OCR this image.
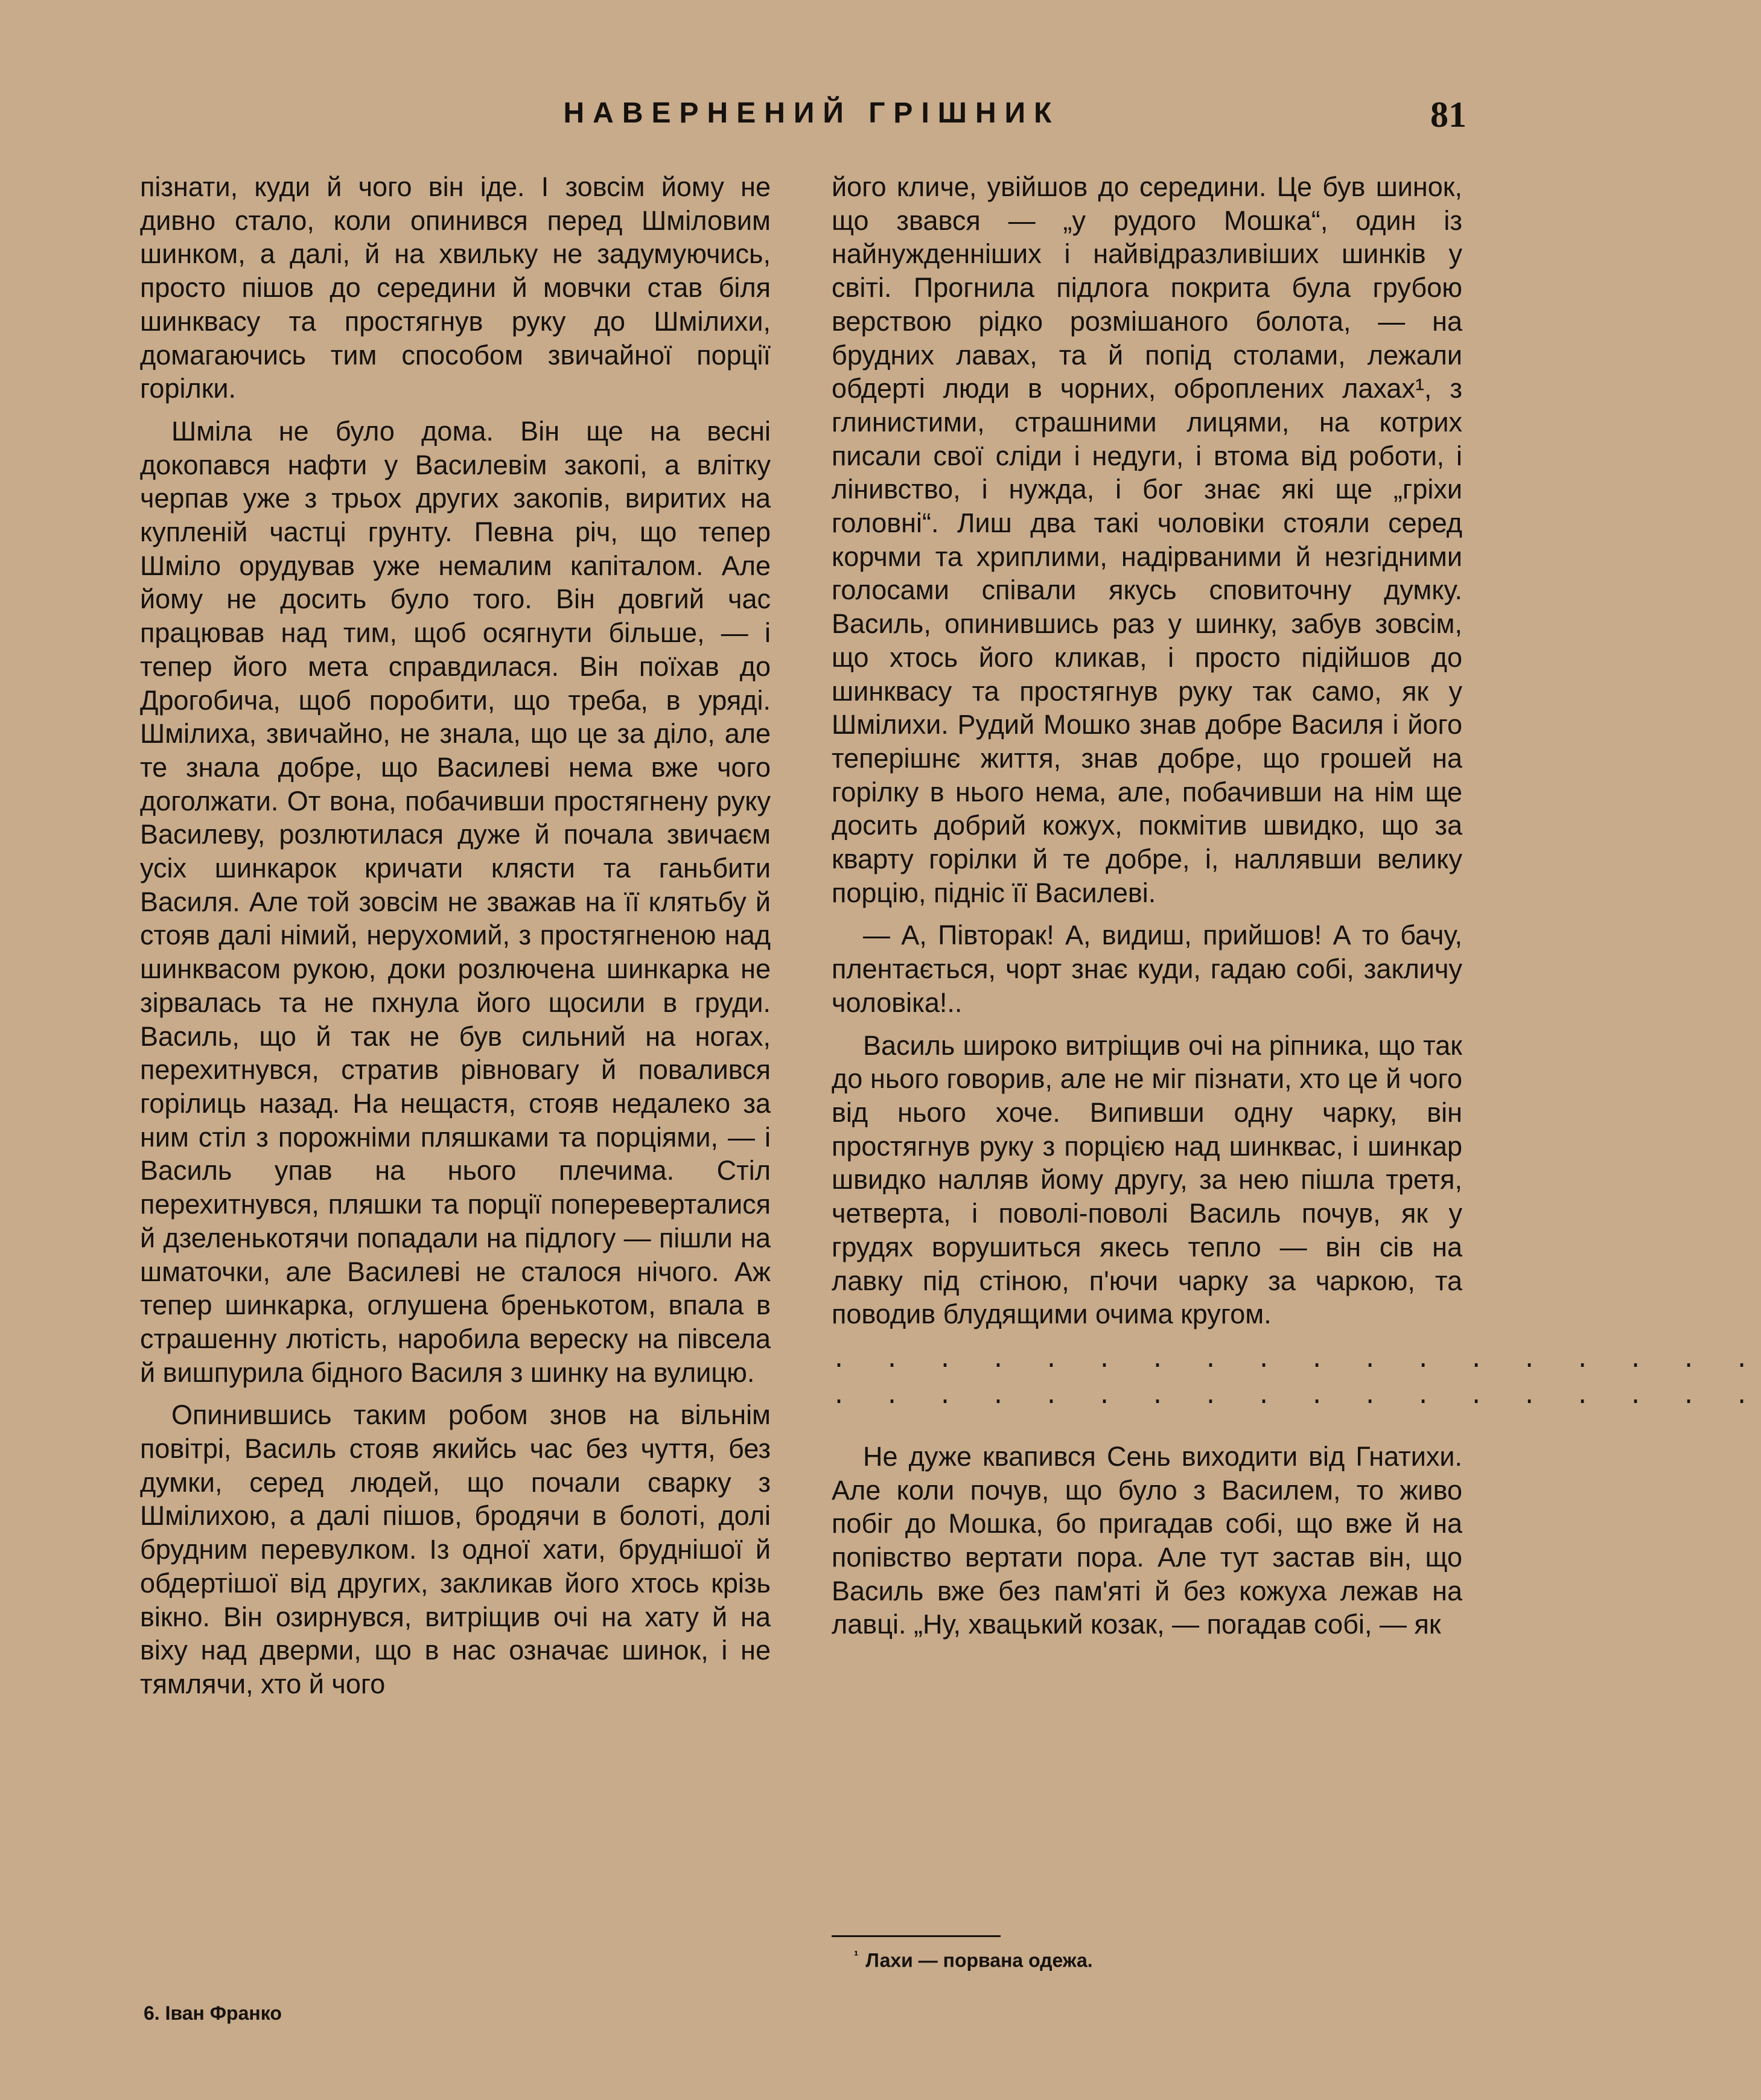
НАВЕРНЕНИЙ ГРІШНИК	81

пізнати, куди й чого він іде. І зовсім йому не дивно стало, коли опинився перед Шміловим шинком, а далі, й на хвильку не задумуючись, просто пішов до середини й мовчки став біля шинквасу та простягнув руку до Шмілихи, домагаючись тим способом звичайної порції горілки.

Шміла не було дома. Він ще на весні докопався нафти у Василевім закопі, а влітку черпав уже з трьох других закопів, виритих на купленій частці грунту. Певна річ, що тепер Шміло орудував уже немалим капіталом. Але йому не досить було того. Він довгий час працював над тим, щоб осягнути більше, — і тепер його мета справдилася. Він поїхав до Дрогобича, щоб поробити, що треба, в уряді. Шмілиха, звичайно, не знала, що це за діло, але те знала добре, що Василеві нема вже чого доголжати. От вона, побачивши простягнену руку Василеву, розлютилася дуже й почала звичаєм усіх шинкарок кричати клясти та ганьбити Василя. Але той зовсім не зважав на її клятьбу й стояв далі німий, нерухомий, з простягненою над шинквасом рукою, доки розлючена шинкарка не зірвалась та не пхнула його щосили в груди. Василь, що й так не був сильний на ногах, перехитнувся, стратив рівновагу й повалився горілиць назад. На нещастя, стояв недалеко за ним стіл з порожніми пляшками та порціями, — і Василь упав на нього плечима. Стіл перехитнувся, пляшки та порції попереверталися й дзеленькотячи попадали на підлогу — пішли на шматочки, але Василеві не сталося нічого. Аж тепер шинкарка, оглушена бренькотом, впала в страшенну лютість, наробила вереску на півсела й вишпурила бідного Василя з шинку на вулицю.

Опинившись таким робом знов на вільнім повітрі, Василь стояв якийсь час без чуття, без думки, серед людей, що почали сварку з Шмілихою, а далі пішов, бродячи в болоті, долі брудним перевулком. Із одної хати, бруднішої й обдертішої від других, закликав його хтось крізь вікно. Він озирнувся, витріщив очі на хату й на віху над дверми, що в нас означає шинок, і не тямлячи, хто й чого

його кличе, увійшов до середини. Це був шинок, що звався — „у рудого Мошка“, один із найнужденніших і найвідразливіших шинків у світі. Прогнила підлога покрита була грубою верствою рідко розмішаного болота, — на брудних лавах, та й попід столами, лежали обдерті люди в чорних, оброплених лахах¹, з глинистими, страшними лицями, на котрих писали свої сліди і недуги, і втома від роботи, і лінивство, і нужда, і бог знає які ще „гріхи головні“. Лиш два такі чоловіки стояли серед корчми та хриплими, надірваними й незгідними голосами співали якусь сповиточну думку. Василь, опинившись раз у шинку, забув зовсім, що хтось його кликав, і просто підійшов до шинквасу та простягнув руку так само, як у Шмілихи. Рудий Мошко знав добре Василя і його теперішнє життя, знав добре, що грошей на горілку в нього нема, але, побачивши на нім ще досить добрий кожух, покмітив швидко, що за кварту горілки й те добре, і, наллявши велику порцію, підніс її Василеві.

— А, Півторак! А, видиш, прийшов! А то бачу, плентається, чорт знає куди, гадаю собі, закличу чоловіка!..

Василь широко витріщив очі на ріпника, що так до нього говорив, але не міг пізнати, хто це й чого від нього хоче. Випивши одну чарку, він простягнув руку з порцією над шинквас, і шинкар швидко налляв йому другу, за нею пішла третя, четверта, і поволі-поволі Василь почув, як у грудях ворушиться якесь тепло — він сів на лавку під стіною, п'ючи чарку за чаркою, та поводив блудящими очима кругом.

. . . . . . . . . . . . . . . . . .
. . . . . . . . . . . . . . . . . .

Не дуже квапився Сень виходити від Гнатихи. Але коли почув, що було з Василем, то живо побіг до Мошка, бо пригадав собі, що вже й на попівство вертати пора. Але тут застав він, що Василь вже без пам'яті й без кожуха лежав на лавці. „Ну, хвацький козак, — погадав собі, — як

$^{^1}$ Лахи — порвана одежа.
6. Іван Франко
